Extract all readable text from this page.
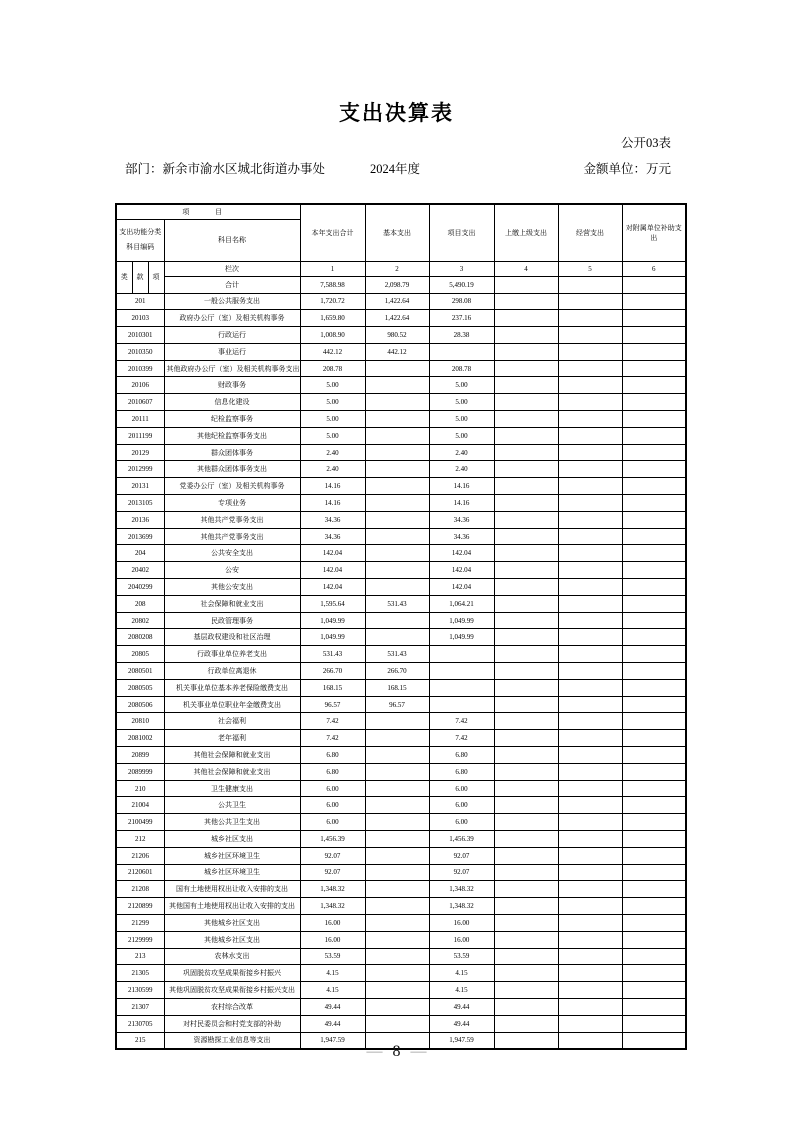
支出决算表
公开03表
部门：新余市渝水区城北街道办事处	2024年度	金额单位：万元
项 目				本年支出合计	基本支出	项目支出	上缴上级支出	经营支出	对附属单位补助支出
支出功能分类科目编码			科目名称						
类	款	项	栏次	1	2	3	4	5	6
			合计	7,588.98	2,098.79	5,490.19			
201			一般公共服务支出	1,720.72	1,422.64	298.08			
20103			政府办公厅（室）及相关机构事务	1,659.80	1,422.64	237.16			
2010301			行政运行	1,008.90	980.52	28.38			
2010350			事业运行	442.12	442.12				
2010399			其他政府办公厅（室）及相关机构事务支出	208.78		208.78			
20106			财政事务	5.00		5.00			
2010607			信息化建设	5.00		5.00			
20111			纪检监察事务	5.00		5.00			
2011199			其他纪检监察事务支出	5.00		5.00			
20129			群众团体事务	2.40		2.40			
2012999			其他群众团体事务支出	2.40		2.40			
20131			党委办公厅（室）及相关机构事务	14.16		14.16			
2013105			专项业务	14.16		14.16			
20136			其他共产党事务支出	34.36		34.36			
2013699			其他共产党事务支出	34.36		34.36			
204			公共安全支出	142.04		142.04			
20402			公安	142.04		142.04			
2040299			其他公安支出	142.04		142.04			
208			社会保障和就业支出	1,595.64	531.43	1,064.21			
20802			民政管理事务	1,049.99		1,049.99			
2080208			基层政权建设和社区治理	1,049.99		1,049.99			
20805			行政事业单位养老支出	531.43	531.43				
2080501			行政单位离退休	266.70	266.70				
2080505			机关事业单位基本养老保险缴费支出	168.15	168.15				
2080506			机关事业单位职业年金缴费支出	96.57	96.57				
20810			社会福利	7.42		7.42			
2081002			老年福利	7.42		7.42			
20899			其他社会保障和就业支出	6.80		6.80			
2089999			其他社会保障和就业支出	6.80		6.80			
210			卫生健康支出	6.00		6.00			
21004			公共卫生	6.00		6.00			
2100499			其他公共卫生支出	6.00		6.00			
212			城乡社区支出	1,456.39		1,456.39			
21206			城乡社区环境卫生	92.07		92.07			
2120601			城乡社区环境卫生	92.07		92.07			
21208			国有土地使用权出让收入安排的支出	1,348.32		1,348.32			
2120899			其他国有土地使用权出让收入安排的支出	1,348.32		1,348.32			
21299			其他城乡社区支出	16.00		16.00			
2129999			其他城乡社区支出	16.00		16.00			
213			农林水支出	53.59		53.59			
21305			巩固脱贫攻坚成果衔接乡村振兴	4.15		4.15			
2130599			其他巩固脱贫攻坚成果衔接乡村振兴支出	4.15		4.15			
21307			农村综合改革	49.44		49.44			
2130705			对村民委员会和村党支部的补助	49.44		49.44			
215			资源勘探工业信息等支出	1,947.59		1,947.59			
— 8 —
